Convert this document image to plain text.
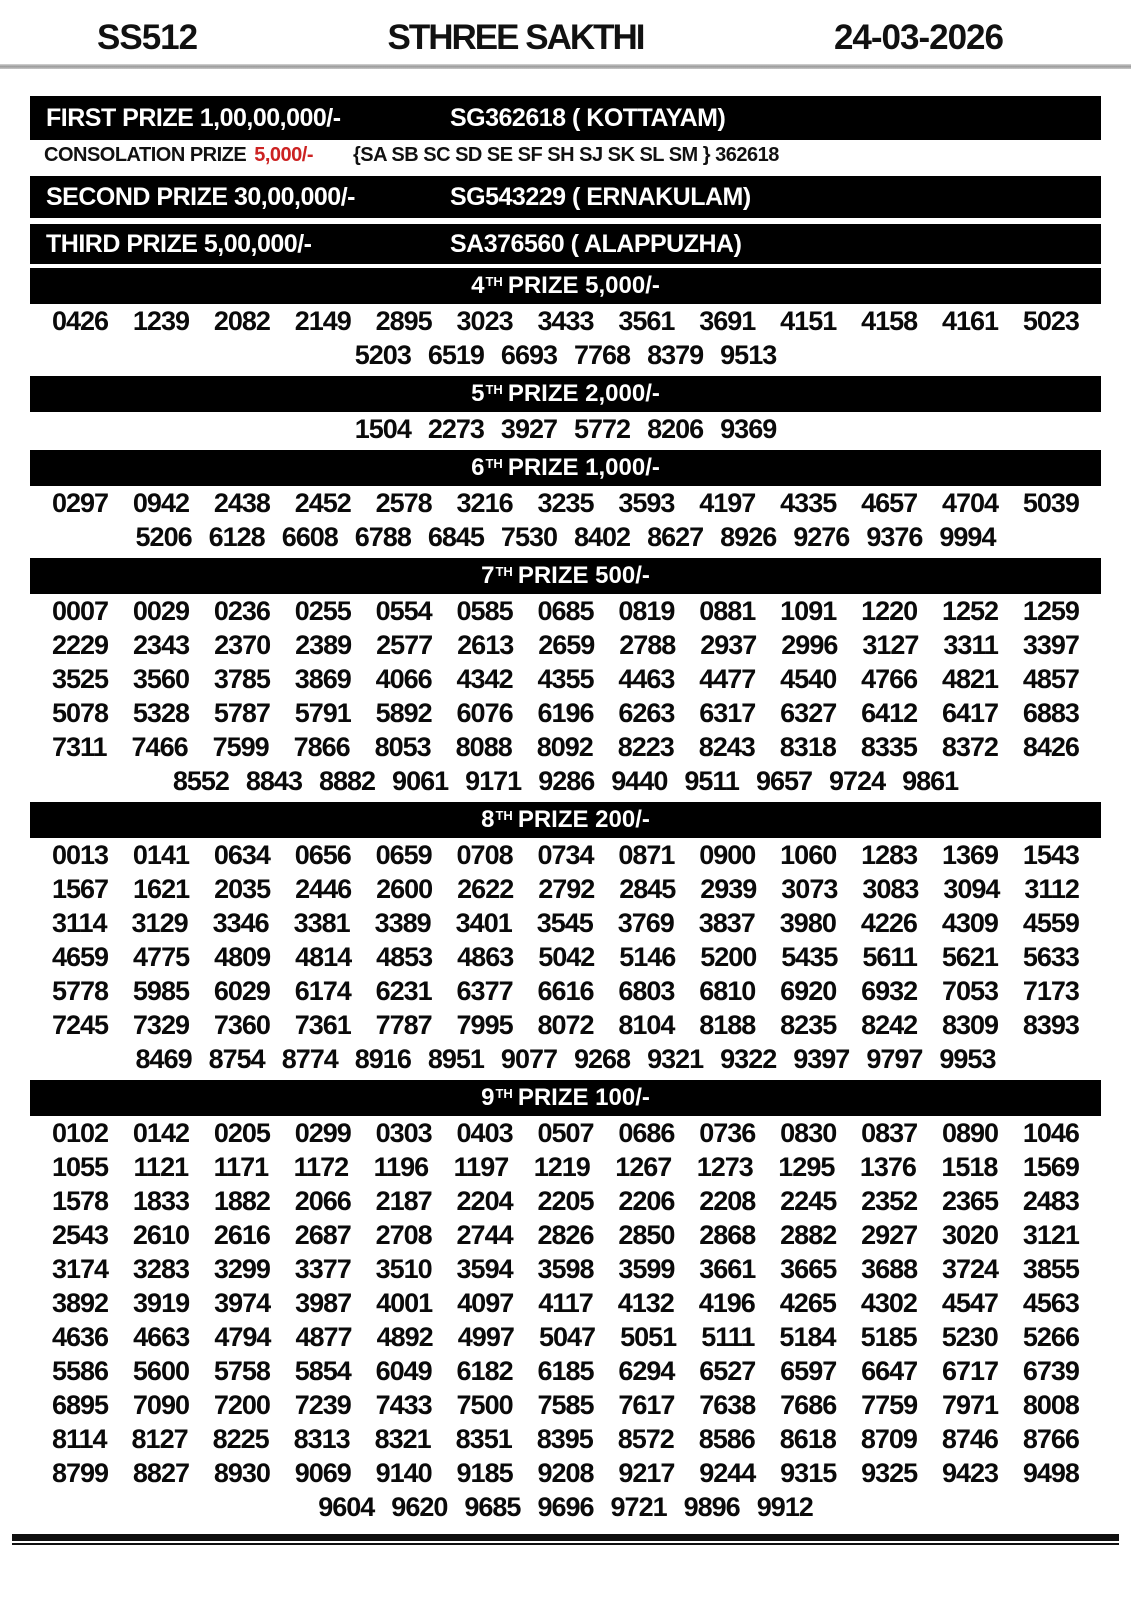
SS512	STHREE SAKTHI	24-03-2026
FIRST PRIZE 1,00,00,000/-	SG362618 ( KOTTAYAM)
CONSOLATION PRIZE 5,000/- {SA SB SC SD SE SF SH SJ SK SL SM } 362618
SECOND PRIZE 30,00,000/-	SG543229 ( ERNAKULAM)
THIRD PRIZE 5,00,000/-	SA376560 ( ALAPPUZHA)
4TH PRIZE 5,000/-
0426 1239 2082 2149 2895 3023 3433 3561 3691 4151 4158 4161 5023
5203 6519 6693 7768 8379 9513
5TH PRIZE 2,000/-
1504 2273 3927 5772 8206 9369
6TH PRIZE 1,000/-
0297 0942 2438 2452 2578 3216 3235 3593 4197 4335 4657 4704 5039
5206 6128 6608 6788 6845 7530 8402 8627 8926 9276 9376 9994
7TH PRIZE 500/-
0007 0029 0236 0255 0554 0585 0685 0819 0881 1091 1220 1252 1259
2229 2343 2370 2389 2577 2613 2659 2788 2937 2996 3127 3311 3397
3525 3560 3785 3869 4066 4342 4355 4463 4477 4540 4766 4821 4857
5078 5328 5787 5791 5892 6076 6196 6263 6317 6327 6412 6417 6883
7311 7466 7599 7866 8053 8088 8092 8223 8243 8318 8335 8372 8426
8552 8843 8882 9061 9171 9286 9440 9511 9657 9724 9861
8TH PRIZE 200/-
0013 0141 0634 0656 0659 0708 0734 0871 0900 1060 1283 1369 1543
1567 1621 2035 2446 2600 2622 2792 2845 2939 3073 3083 3094 3112
3114 3129 3346 3381 3389 3401 3545 3769 3837 3980 4226 4309 4559
4659 4775 4809 4814 4853 4863 5042 5146 5200 5435 5611 5621 5633
5778 5985 6029 6174 6231 6377 6616 6803 6810 6920 6932 7053 7173
7245 7329 7360 7361 7787 7995 8072 8104 8188 8235 8242 8309 8393
8469 8754 8774 8916 8951 9077 9268 9321 9322 9397 9797 9953
9TH PRIZE 100/-
0102 0142 0205 0299 0303 0403 0507 0686 0736 0830 0837 0890 1046
1055 1121 1171 1172 1196 1197 1219 1267 1273 1295 1376 1518 1569
1578 1833 1882 2066 2187 2204 2205 2206 2208 2245 2352 2365 2483
2543 2610 2616 2687 2708 2744 2826 2850 2868 2882 2927 3020 3121
3174 3283 3299 3377 3510 3594 3598 3599 3661 3665 3688 3724 3855
3892 3919 3974 3987 4001 4097 4117 4132 4196 4265 4302 4547 4563
4636 4663 4794 4877 4892 4997 5047 5051 5111 5184 5185 5230 5266
5586 5600 5758 5854 6049 6182 6185 6294 6527 6597 6647 6717 6739
6895 7090 7200 7239 7433 7500 7585 7617 7638 7686 7759 7971 8008
8114 8127 8225 8313 8321 8351 8395 8572 8586 8618 8709 8746 8766
8799 8827 8930 9069 9140 9185 9208 9217 9244 9315 9325 9423 9498
9604 9620 9685 9696 9721 9896 9912
